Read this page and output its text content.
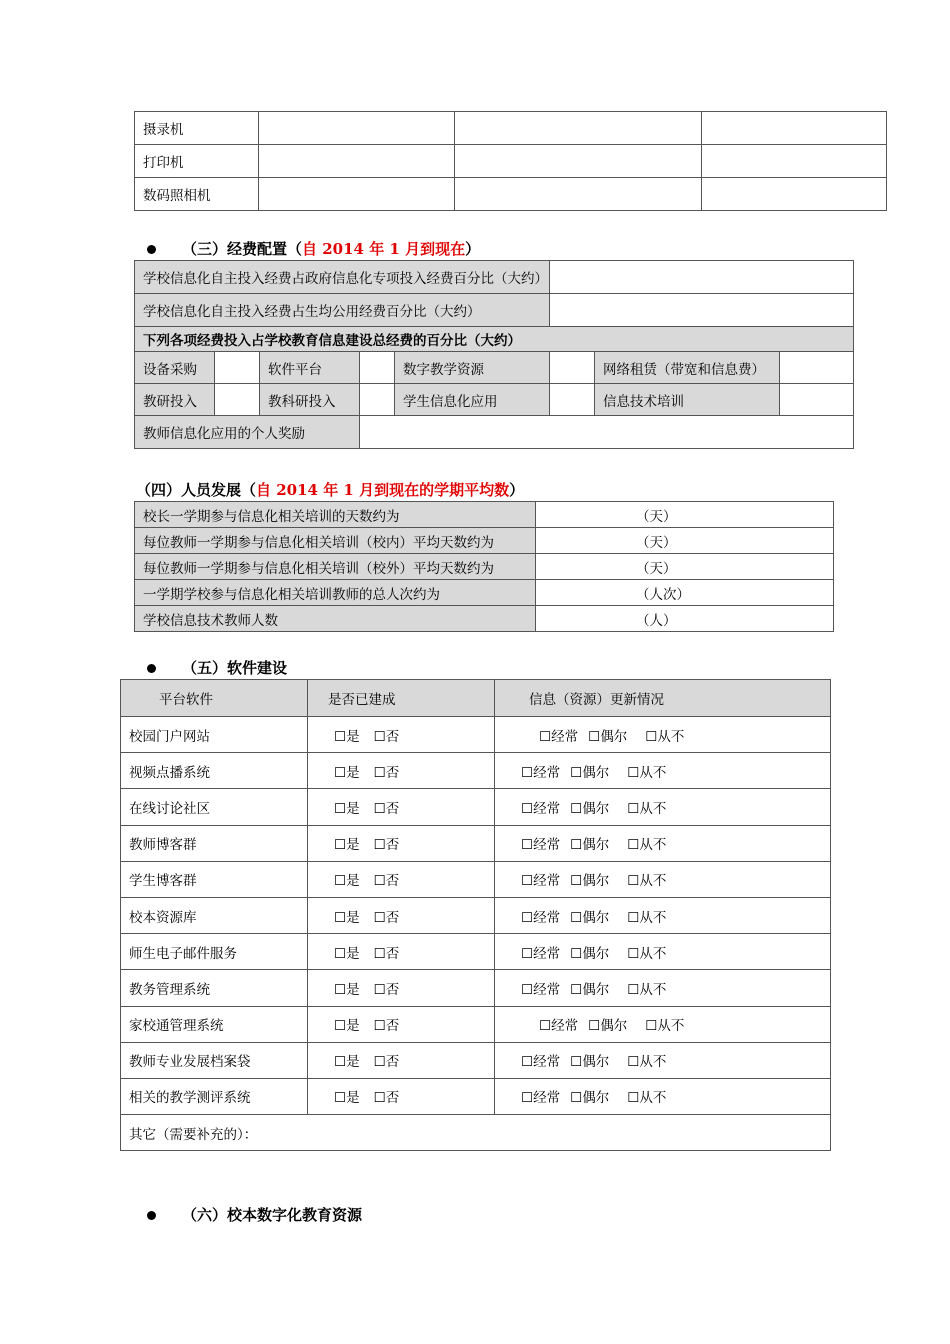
摄录机			
打印机			
数码照相机			
（三）经费配置（自 2014 年 1 月到现在）
学校信息化自主投入经费占政府信息化专项投入经费百分比（大约）							
学校信息化自主投入经费占生均公用经费百分比（大约）							
下列各项经费投入占学校教育信息建设总经费的百分比（大约）							
设备采购		软件平台		数字教学资源		网络租赁（带宽和信息费）	
教研投入		教科研投入		学生信息化应用		信息技术培训	
教师信息化应用的个人奖励							
（四）人员发展（自 2014 年 1 月到现在的学期平均数）
校长一学期参与信息化相关培训的天数约为	（天）
每位教师一学期参与信息化相关培训（校内）平均天数约为	（天）
每位教师一学期参与信息化相关培训（校外）平均天数约为	（天）
一学期学校参与信息化相关培训教师的总人次约为	（人次）
学校信息技术教师人数	（人）
（五）软件建设
平台软件	是否已建成	信息（资源）更新情况
校园门户网站	☐是 ☐否	☐经常 ☐偶尔 ☐从不
视频点播系统	☐是 ☐否	☐经常 ☐偶尔 ☐从不
在线讨论社区	☐是 ☐否	☐经常 ☐偶尔 ☐从不
教师博客群	☐是 ☐否	☐经常 ☐偶尔 ☐从不
学生博客群	☐是 ☐否	☐经常 ☐偶尔 ☐从不
校本资源库	☐是 ☐否	☐经常 ☐偶尔 ☐从不
师生电子邮件服务	☐是 ☐否	☐经常 ☐偶尔 ☐从不
教务管理系统	☐是 ☐否	☐经常 ☐偶尔 ☐从不
家校通管理系统	☐是 ☐否	☐经常 ☐偶尔 ☐从不
教师专业发展档案袋	☐是 ☐否	☐经常 ☐偶尔 ☐从不
相关的教学测评系统	☐是 ☐否	☐经常 ☐偶尔 ☐从不
其它（需要补充的）：		
（六）校本数字化教育资源
